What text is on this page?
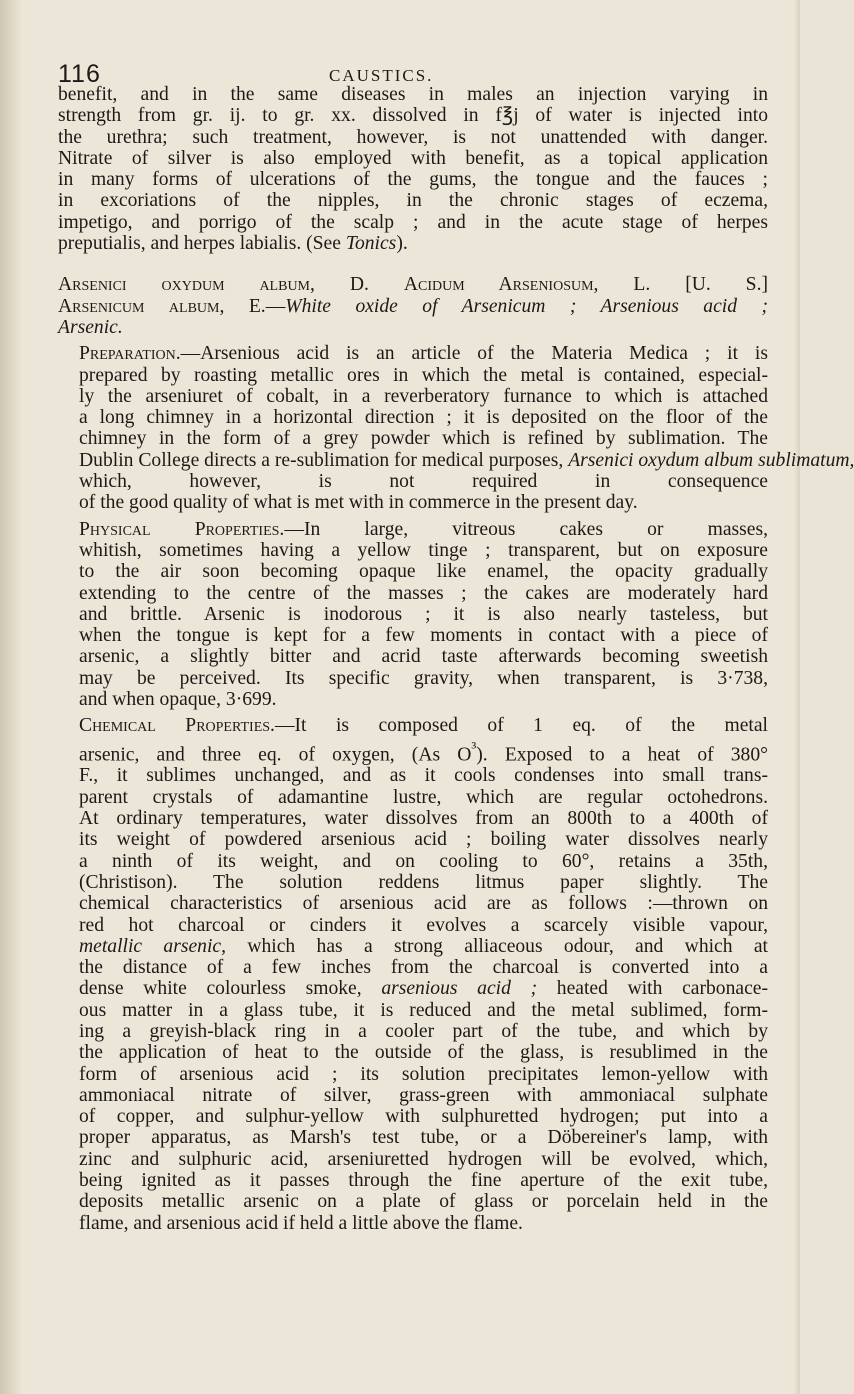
116	CAUSTICS.

benefit, and in the same diseases in males an injection varying in
strength from gr. ij. to gr. xx. dissolved in f℥j of water is injected into
the urethra; such treatment, however, is not unattended with danger.
Nitrate of silver is also employed with benefit, as a topical application
in many forms of ulcerations of the gums, the tongue and the fauces ;
in excoriations of the nipples, in the chronic stages of eczema,
impetigo, and porrigo of the scalp ; and in the acute stage of herpes
preputialis, and herpes labialis. (See Tonics).

Arsenici oxydum album, D. Acidum Arseniosum, L. [U. S.]
Arsenicum album, E.—White oxide of Arsenicum ; Arsenious acid ;
Arsenic.

Preparation.—Arsenious acid is an article of the Materia Medica ; it is
prepared by roasting metallic ores in which the metal is contained, especial-
ly the arseniuret of cobalt, in a reverberatory furnance to which is attached
a long chimney in a horizontal direction ; it is deposited on the floor of the
chimney in the form of a grey powder which is refined by sublimation. The
Dublin College directs a re-sublimation for medical purposes, Arsenici oxydum album sublimatum,
which, however, is not required in consequence
of the good quality of what is met with in commerce in the present day.

Physical Properties.—In large, vitreous cakes or masses,
whitish, sometimes having a yellow tinge ; transparent, but on exposure
to the air soon becoming opaque like enamel, the opacity gradually
extending to the centre of the masses ; the cakes are moderately hard
and brittle. Arsenic is inodorous ; it is also nearly tasteless, but
when the tongue is kept for a few moments in contact with a piece of
arsenic, a slightly bitter and acrid taste afterwards becoming sweetish
may be perceived. Its specific gravity, when transparent, is 3·738,
and when opaque, 3·699.

Chemical Properties.—It is composed of 1 eq. of the metal
arsenic, and three eq. of oxygen, (As $O^{^3}$). Exposed to a heat of 380°
F., it sublimes unchanged, and as it cools condenses into small trans-
parent crystals of adamantine lustre, which are regular octohedrons.
At ordinary temperatures, water dissolves from an 800th to a 400th of
its weight of powdered arsenious acid ; boiling water dissolves nearly
a ninth of its weight, and on cooling to 60°, retains a 35th,
(Christison). The solution reddens litmus paper slightly. The
chemical characteristics of arsenious acid are as follows :—thrown on
red hot charcoal or cinders it evolves a scarcely visible vapour,
metallic arsenic, which has a strong alliaceous odour, and which at
the distance of a few inches from the charcoal is converted into a
dense white colourless smoke, arsenious acid ; heated with carbonace-
ous matter in a glass tube, it is reduced and the metal sublimed, form-
ing a greyish-black ring in a cooler part of the tube, and which by
the application of heat to the outside of the glass, is resublimed in the
form of arsenious acid ; its solution precipitates lemon-yellow with
ammoniacal nitrate of silver, grass-green with ammoniacal sulphate
of copper, and sulphur-yellow with sulphuretted hydrogen; put into a
proper apparatus, as Marsh's test tube, or a Döbereiner's lamp, with
zinc and sulphuric acid, arseniuretted hydrogen will be evolved, which,
being ignited as it passes through the fine aperture of the exit tube,
deposits metallic arsenic on a plate of glass or porcelain held in the
flame, and arsenious acid if held a little above the flame.
